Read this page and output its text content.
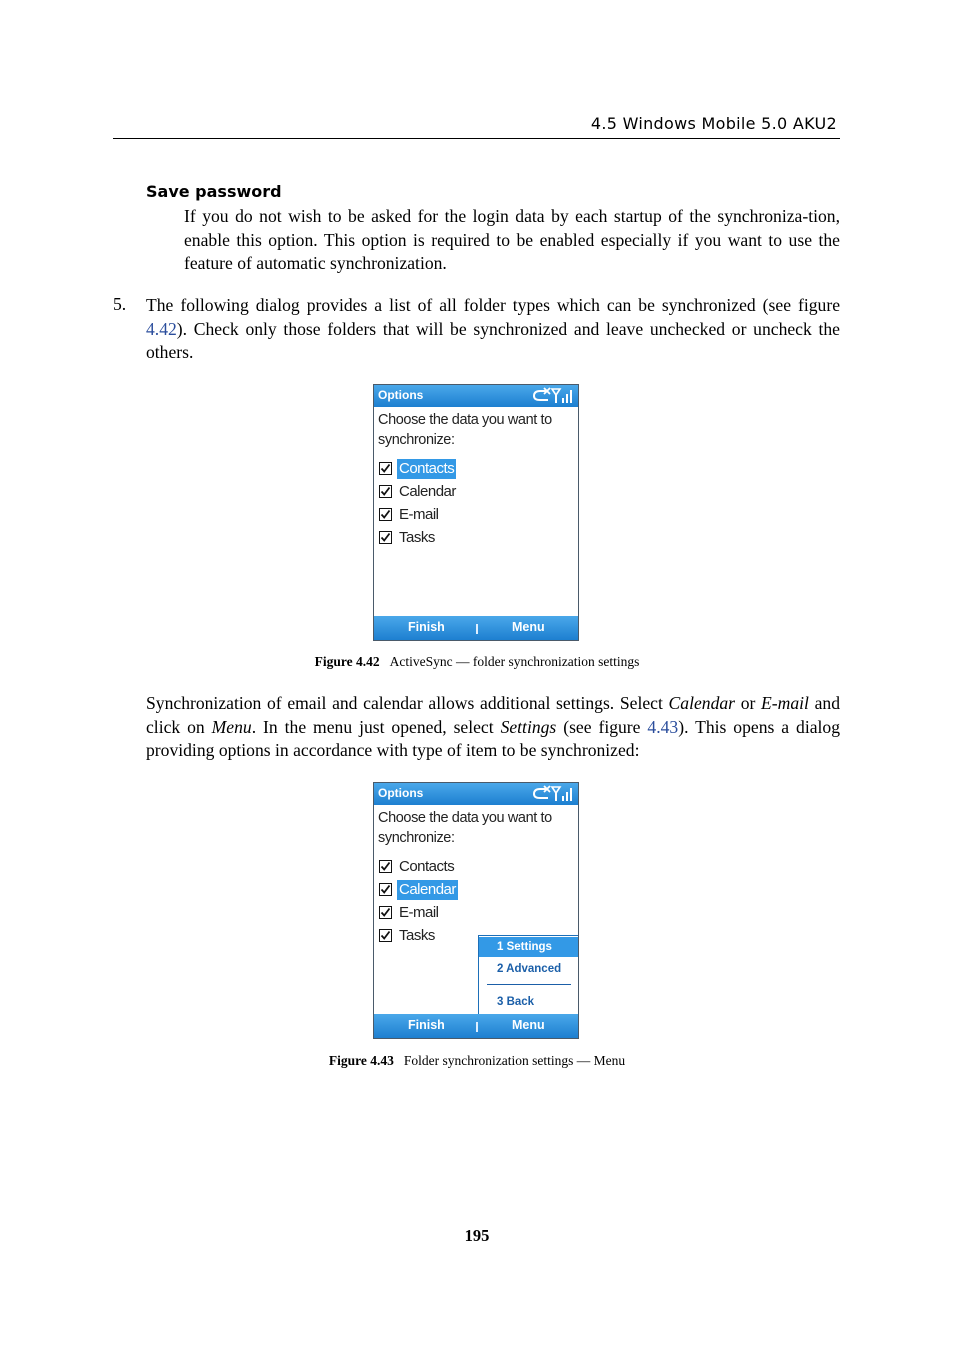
4.5 Windows Mobile 5.0 AKU2
Save password
If you do not wish to be asked for the login data by each startup of the synchroniza-tion, enable this option. This option is required to be enabled especially if you want to use the feature of automatic synchronization.
5. The following dialog provides a list of all folder types which can be synchronized (see figure 4.42). Check only those folders that will be synchronized and leave unchecked or uncheck the others.
Options
Choose the data you want to
synchronize:
Contacts
Calendar
E-mail
Tasks
Finish	Menu
Figure 4.42 ActiveSync — folder synchronization settings
Synchronization of email and calendar allows additional settings. Select Calendar or E-mail and click on Menu. In the menu just opened, select Settings (see figure 4.43). This opens a dialog providing options in accordance with type of item to be synchronized:
Options
Choose the data you want to
synchronize:
Contacts
Calendar
E-mail
Tasks
1 Settings
2 Advanced
3 Back
Finish	Menu
Figure 4.43 Folder synchronization settings — Menu
195
